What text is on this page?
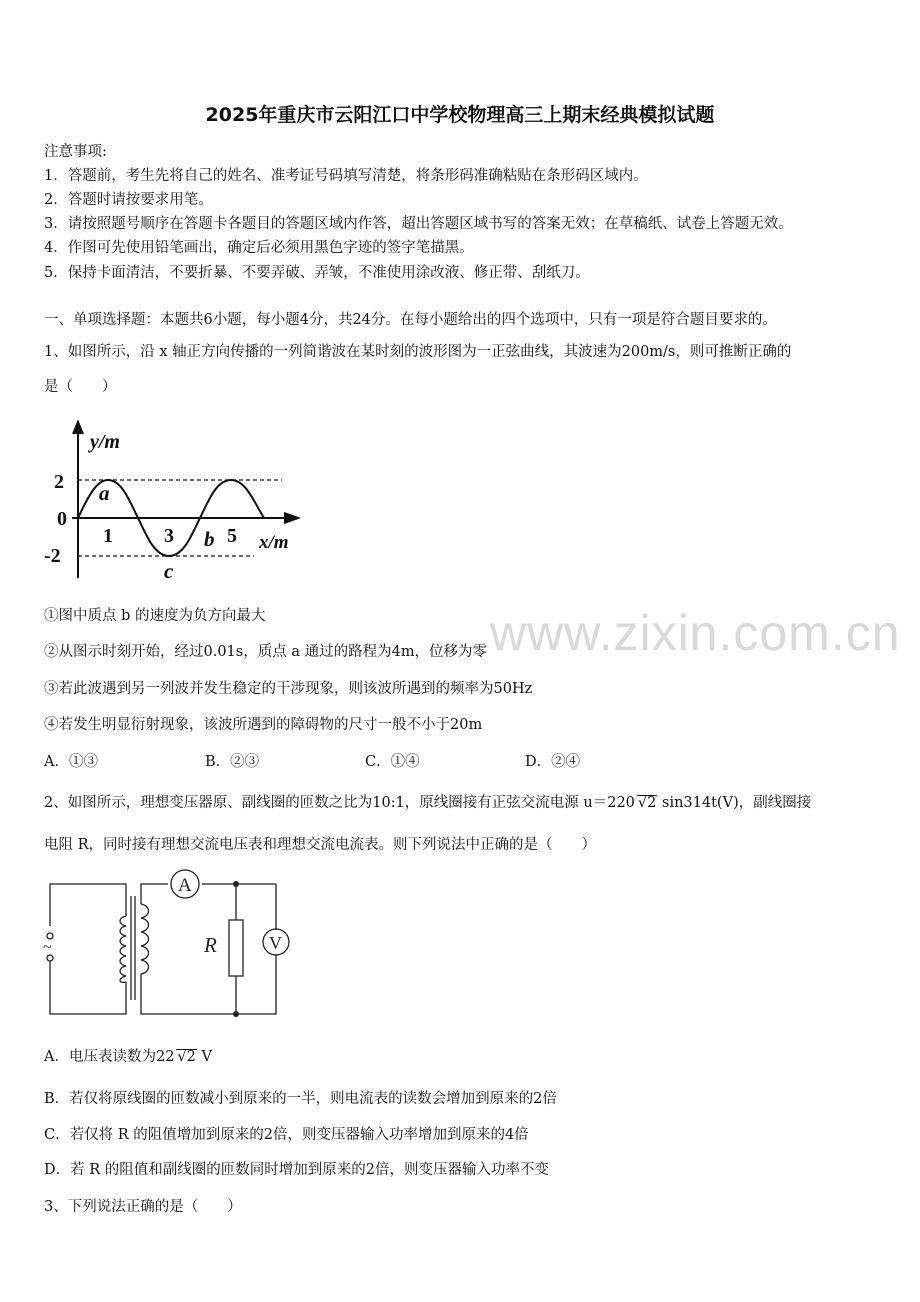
2025年重庆市云阳江口中学校物理高三上期末经典模拟试题
注意事项:
1．答题前，考生先将自己的姓名、准考证号码填写清楚，将条形码准确粘贴在条形码区域内。
2．答题时请按要求用笔。
3．请按照题号顺序在答题卡各题目的答题区域内作答，超出答题区域书写的答案无效；在草稿纸、试卷上答题无效。
4．作图可先使用铅笔画出，确定后必须用黑色字迹的签字笔描黑。
5．保持卡面清洁，不要折暴、不要弄破、弄皱，不准使用涂改液、修正带、刮纸刀。
一、单项选择题：本题共6小题，每小题4分，共24分。在每小题给出的四个选项中，只有一项是符合题目要求的。
1、如图所示，沿 x 轴正方向传播的一列简谐波在某时刻的波形图为一正弦曲线，其波速为200m/s，则可推断正确的
是（　　）
y/m
x/m
2
0
-2
1	3	5
a
b
c
①图中质点 b 的速度为负方向最大
②从图示时刻开始，经过0.01s，质点 a 通过的路程为4m，位移为零
③若此波遇到另一列波并发生稳定的干涉现象，则该波所遇到的频率为50Hz
④若发生明显衍射现象，该波所遇到的障碍物的尺寸一般不小于20m
A．①③	B．②③	C．①④	D．②④
2、如图所示，理想变压器原、副线圈的匝数之比为10:1，原线圈接有正弦交流电源 u＝220 √2 sin314t(V)，副线圈接
电阻 R，同时接有理想交流电压表和理想交流电流表。则下列说法中正确的是（　　）
A
V
R
~
A．电压表读数为22 √2 V
B．若仅将原线圈的匝数减小到原来的一半，则电流表的读数会增加到原来的2倍
C．若仅将 R 的阻值增加到原来的2倍，则变压器输入功率增加到原来的4倍
D．若 R 的阻值和副线圈的匝数同时增加到原来的2倍，则变压器输入功率不变
3、下列说法正确的是（　　）
www.zixin.com.cn
